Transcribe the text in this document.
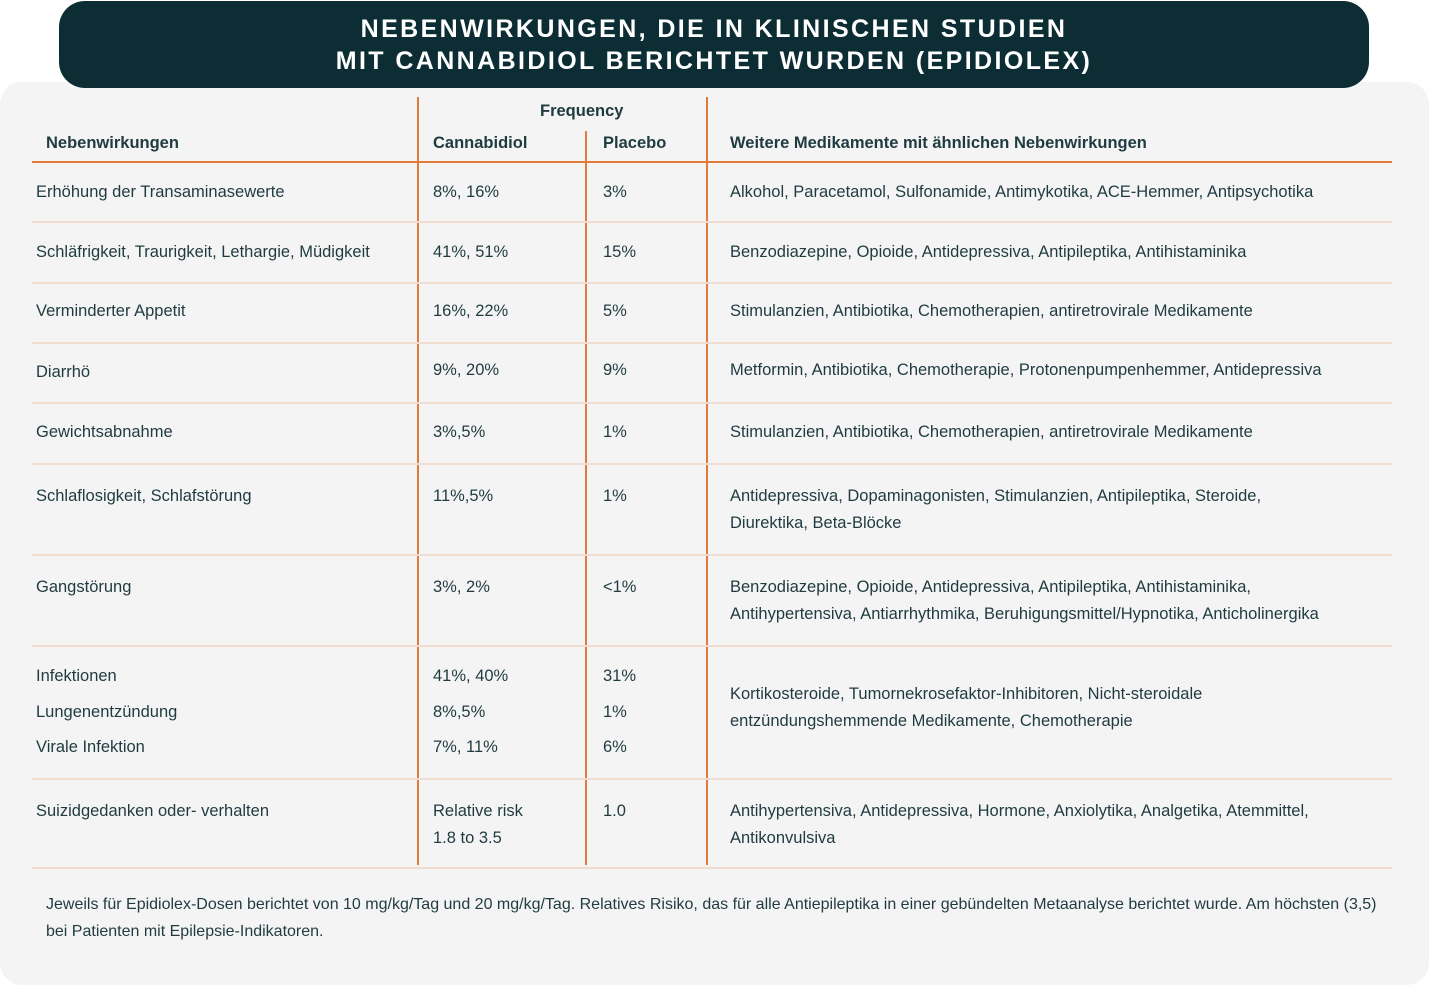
NEBENWIRKUNGEN, DIE IN KLINISCHEN STUDIEN
MIT CANNABIDIOL BERICHTET WURDEN (EPIDIOLEX)
Frequency
Nebenwirkungen	Cannabidiol	Placebo	Weitere Medikamente mit ähnlichen Nebenwirkungen
Erhöhung der Transaminasewerte	8%, 16%	3%	Alkohol, Paracetamol, Sulfonamide, Antimykotika, ACE-Hemmer, Antipsychotika
Schläfrigkeit, Traurigkeit, Lethargie, Müdigkeit	41%, 51%	15%	Benzodiazepine, Opioide, Antidepressiva, Antipileptika, Antihistaminika
Verminderter Appetit	16%, 22%	5%	Stimulanzien, Antibiotika, Chemotherapien, antiretrovirale Medikamente
Diarrhö	9%, 20%	9%	Metformin, Antibiotika, Chemotherapie, Protonenpumpenhemmer, Antidepressiva
Gewichtsabnahme	3%,5%	1%	Stimulanzien, Antibiotika, Chemotherapien, antiretrovirale Medikamente
Schlaflosigkeit, Schlafstörung	11%,5%	1%	Antidepressiva, Dopaminagonisten, Stimulanzien, Antipileptika, Steroide,
Diurektika, Beta-Blöcke
Gangstörung	3%, 2%	<1%	Benzodiazepine, Opioide, Antidepressiva, Antipileptika, Antihistaminika,
Antihypertensiva, Antiarrhythmika, Beruhigungsmittel/Hypnotika, Anticholinergika
Infektionen	41%, 40%	31%
Lungenentzündung	8%,5%	1%
Virale Infektion	7%, 11%	6%
Kortikosteroide, Tumornekrosefaktor-Inhibitoren, Nicht-steroidale
entzündungshemmende Medikamente, Chemotherapie
Suizidgedanken oder- verhalten	Relative risk
1.8 to 3.5
1.0	Antihypertensiva, Antidepressiva, Hormone, Anxiolytika, Analgetika, Atemmittel,
Antikonvulsiva
Jeweils für Epidiolex-Dosen berichtet von 10 mg/kg/Tag und 20 mg/kg/Tag. Relatives Risiko, das für alle Antiepileptika in einer gebündelten Metaanalyse berichtet wurde. Am höchsten (3,5) bei Patienten mit Epilepsie-Indikatoren.
